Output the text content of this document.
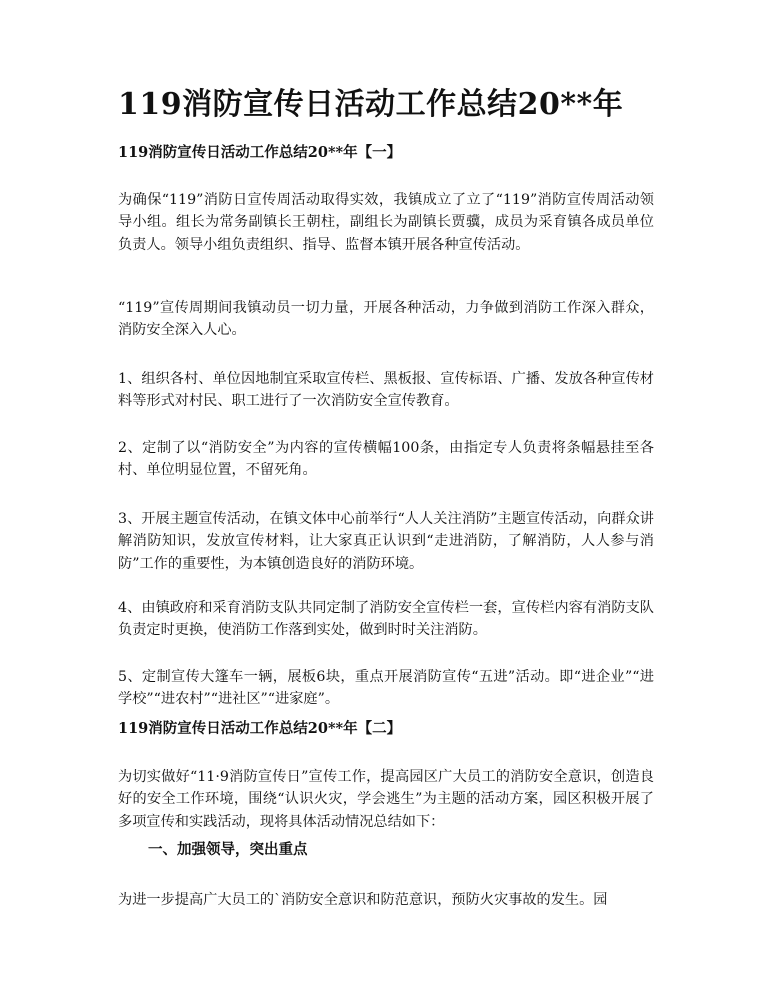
119消防宣传日活动工作总结20**年
119消防宣传日活动工作总结20**年【一】

为确保“119”消防日宣传周活动取得实效，我镇成立了立了“119”消防宣传周活动领导小组。组长为常务副镇长王朝柱，副组长为副镇长贾骥，成员为采育镇各成员单位负责人。领导小组负责组织、指导、监督本镇开展各种宣传活动。

“119”宣传周期间我镇动员一切力量，开展各种活动，力争做到消防工作深入群众，消防安全深入人心。

1、组织各村、单位因地制宜采取宣传栏、黑板报、宣传标语、广播、发放各种宣传材料等形式对村民、职工进行了一次消防安全宣传教育。

2、定制了以“消防安全”为内容的宣传横幅100条，由指定专人负责将条幅悬挂至各村、单位明显位置，不留死角。

3、开展主题宣传活动，在镇文体中心前举行“人人关注消防”主题宣传活动，向群众讲解消防知识，发放宣传材料，让大家真正认识到“走进消防，了解消防，人人参与消防”工作的重要性，为本镇创造良好的消防环境。

4、由镇政府和采育消防支队共同定制了消防安全宣传栏一套，宣传栏内容有消防支队负责定时更换，使消防工作落到实处，做到时时关注消防。

5、定制宣传大篷车一辆，展板6块，重点开展消防宣传“五进”活动。即“进企业”“进学校”“进农村”“进社区”“进家庭”。

119消防宣传日活动工作总结20**年【二】

为切实做好“11·9消防宣传日”宣传工作，提高园区广大员工的消防安全意识，创造良好的安全工作环境，围绕“认识火灾，学会逃生”为主题的活动方案，园区积极开展了多项宣传和实践活动，现将具体活动情况总结如下：

一、加强领导，突出重点

为进一步提高广大员工的`消防安全意识和防范意识，预防火灾事故的发生。园
